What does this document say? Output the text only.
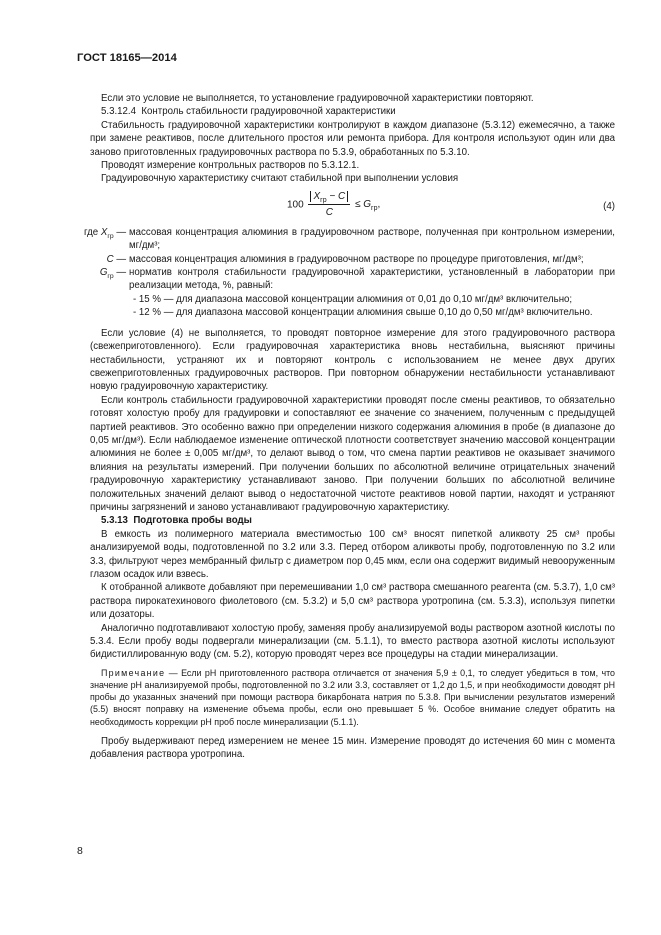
ГОСТ 18165—2014

Если это условие не выполняется, то установление градуировочной характеристики повторяют.

5.3.12.4 Контроль стабильности градуировочной характеристики

Стабильность градуировочной характеристики контролируют в каждом диапазоне (5.3.12) ежемесячно, а также при замене реактивов, после длительного простоя или ремонта прибора. Для контроля используют один или два заново приготовленных градуировочных раствора по 5.3.9, обработанных по 5.3.10.

Проводят измерение контрольных растворов по 5.3.12.1.

Градуировочную характеристику считают стабильной при выполнении условия

$100 \frac{X_{гр} - C}{C} \le G_{гр}$,	(4)
где $X_{гр}$ — массовая концентрация алюминия в градуировочном растворе, полученная при контрольном измерении, мг/дм³;
C — массовая концентрация алюминия в градуировочном растворе по процедуре приготовления, мг/дм³;
$G_{гр}$ — норматив контроля стабильности градуировочной характеристики, установленный в лаборатории при реализации метода, %, равный:
- 15 % — для диапазона массовой концентрации алюминия от 0,01 до 0,10 мг/дм³ включительно;
- 12 % — для диапазона массовой концентрации алюминия свыше 0,10 до 0,50 мг/дм³ включительно.

Если условие (4) не выполняется, то проводят повторное измерение для этого градуировочного раствора (свежеприготовленного). Если градуировочная характеристика вновь нестабильна, выясняют причины нестабильности, устраняют их и повторяют контроль с использованием не менее двух других свежеприготовленных градуировочных растворов. При повторном обнаружении нестабильности устанавливают новую градуировочную характеристику.

Если контроль стабильности градуировочной характеристики проводят после смены реактивов, то обязательно готовят холостую пробу для градуировки и сопоставляют ее значение со значением, полученным с предыдущей партией реактивов. Это особенно важно при определении низкого содержания алюминия в пробе (в диапазоне до 0,05 мг/дм³). Если наблюдаемое изменение оптической плотности соответствует значению массовой концентрации алюминия не более ± 0,005 мг/дм³, то делают вывод о том, что смена партии реактивов не оказывает значимого влияния на результаты измерений. При получении больших по абсолютной величине отрицательных значений градуировочную характеристику устанавливают заново. При получении больших по абсолютной величине положительных значений делают вывод о недостаточной чистоте реактивов новой партии, находят и устраняют причины загрязнений и заново устанавливают градуировочную характеристику.

5.3.13 Подготовка пробы воды

В емкость из полимерного материала вместимостью 100 см³ вносят пипеткой аликвоту 25 см³ пробы анализируемой воды, подготовленной по 3.2 или 3.3. Перед отбором аликвоты пробу, подготовленную по 3.2 или 3.3, фильтруют через мембранный фильтр с диаметром пор 0,45 мкм, если она содержит видимый невооруженным глазом осадок или взвесь.

К отобранной аликвоте добавляют при перемешивании 1,0 см³ раствора смешанного реагента (см. 5.3.7), 1,0 см³ раствора пирокатехинового фиолетового (см. 5.3.2) и 5,0 см³ раствора уротропина (см. 5.3.3), используя пипетки или дозаторы.

Аналогично подготавливают холостую пробу, заменяя пробу анализируемой воды раствором азотной кислоты по 5.3.4. Если пробу воды подвергали минерализации (см. 5.1.1), то вместо раствора азотной кислоты используют бидистиллированную воду (см. 5.2), которую проводят через все процедуры на стадии минерализации.

Примечание — Если pH приготовленного раствора отличается от значения 5,9 ± 0,1, то следует убедиться в том, что значение pH анализируемой пробы, подготовленной по 3.2 или 3.3, составляет от 1,2 до 1,5, и при необходимости доводят pH пробы до указанных значений при помощи раствора бикарбоната натрия по 5.3.8. При вычислении результатов измерений (5.5) вносят поправку на изменение объема пробы, если оно превышает 5 %. Особое внимание следует обратить на необходимость коррекции pH проб после минерализации (5.1.1).

Пробу выдерживают перед измерением не менее 15 мин. Измерение проводят до истечения 60 мин с момента добавления раствора уротропина.

8
